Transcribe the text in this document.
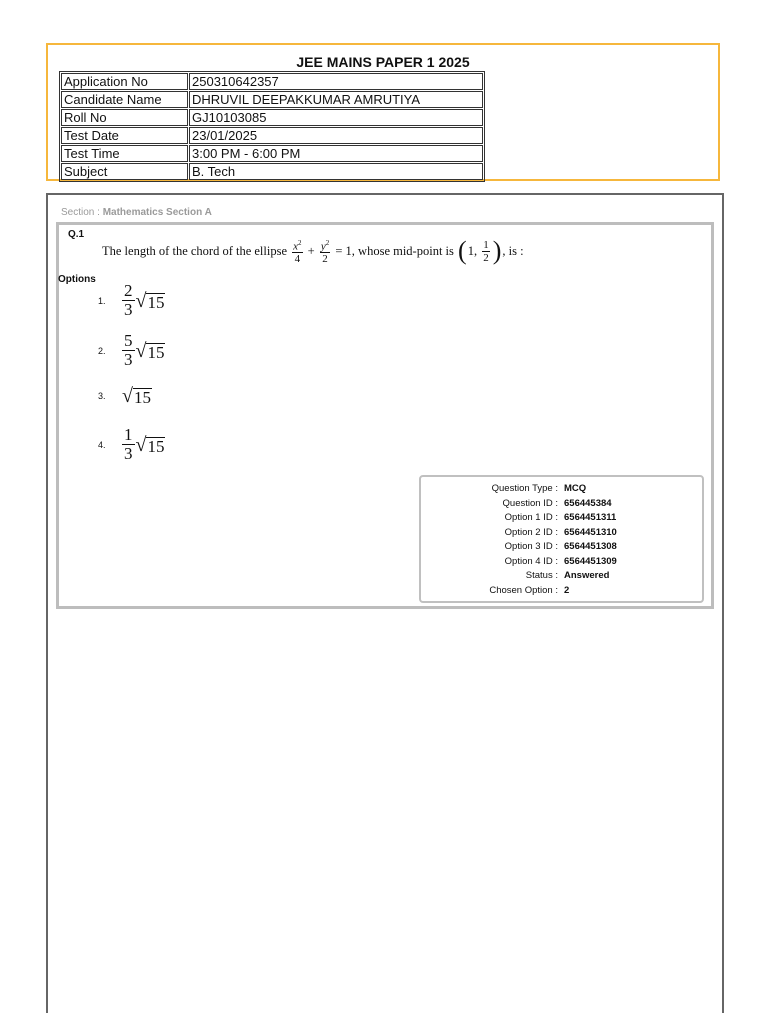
JEE MAINS PAPER 1 2025
Application No	250310642357
Candidate Name	DHRUVIL DEEPAKKUMAR AMRUTIYA
Roll No	GJ10103085
Test Date	23/01/2025
Test Time	3:00 PM - 6:00 PM
Subject	B. Tech
Section : Mathematics Section A
Q.1
The length of the chord of the ellipse
$\frac{x^2}{4}$
+
$\frac{y^2}{2}$
= 1 , whose mid-point is
( 1,
$\frac{1}{2}$ ) , is :
Options
1. $\frac{2}{3}$ √ 15
2. $\frac{5}{3}$ √ 15
3. √ 15
4. $\frac{1}{3}$ √ 15
Question Type : MCQ
Question ID : 656445384
Option 1 ID : 6564451311
Option 2 ID : 6564451310
Option 3 ID : 6564451308
Option 4 ID : 6564451309
Status : Answered
Chosen Option : 2
